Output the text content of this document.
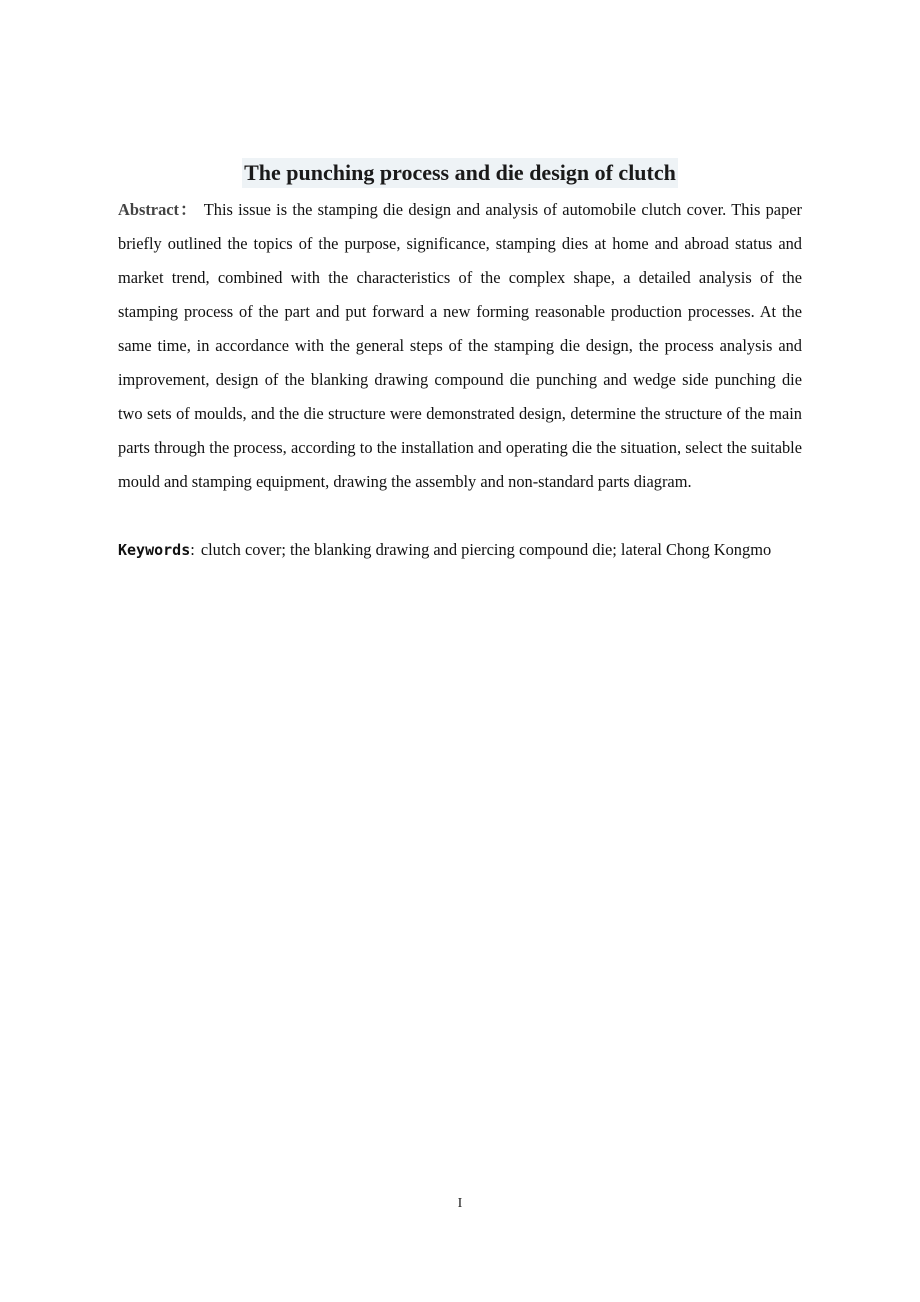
The punching process and die design of clutch

Abstract： This issue is the stamping die design and analysis of automobile clutch cover. This paper briefly outlined the topics of the purpose, significance, stamping dies at home and abroad status and market trend, combined with the characteristics of the complex shape, a detailed analysis of the stamping process of the part and put forward a new forming reasonable production processes. At the same time, in accordance with the general steps of the stamping die design, the process analysis and improvement, design of the blanking drawing compound die punching and wedge side punching die two sets of moulds, and the die structure were demonstrated design, determine the structure of the main parts through the process, according to the installation and operating die the situation, select the suitable mould and stamping equipment, drawing the assembly and non-standard parts diagram.

Keywords: clutch cover; the blanking drawing and piercing compound die; lateral Chong Kongmo

I
